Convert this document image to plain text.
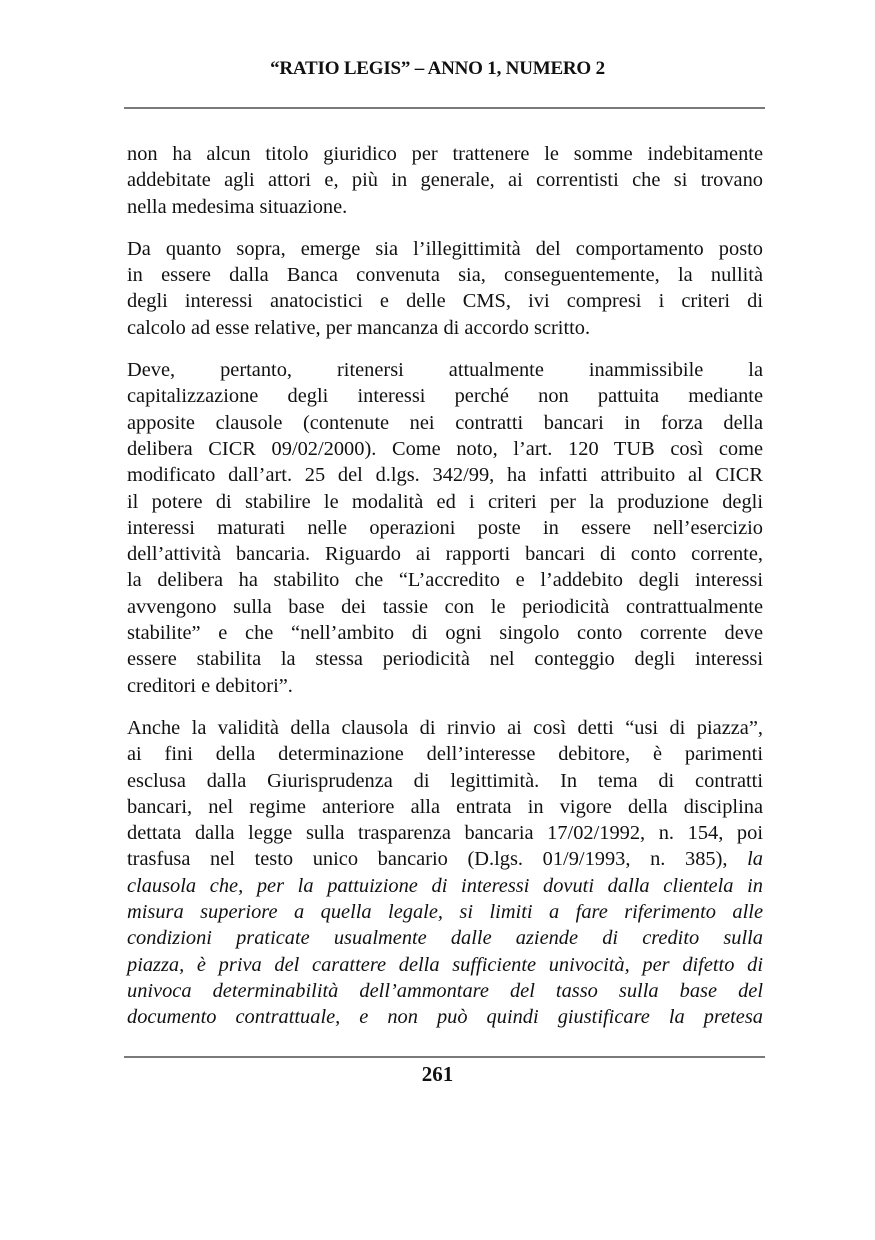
“RATIO LEGIS” – ANNO 1, NUMERO 2

non ha alcun titolo giuridico per trattenere le somme indebitamente
addebitate agli attori e, più in generale, ai correntisti che si trovano
nella medesima situazione.

Da quanto sopra, emerge sia l’illegittimità del comportamento posto
in essere dalla Banca convenuta sia, conseguentemente, la nullità
degli interessi anatocistici e delle CMS, ivi compresi i criteri di
calcolo ad esse relative, per mancanza di accordo scritto.

Deve, pertanto, ritenersi attualmente inammissibile la
capitalizzazione degli interessi perché non pattuita mediante
apposite clausole (contenute nei contratti bancari in forza della
delibera CICR 09/02/2000). Come noto, l’art. 120 TUB così come
modificato dall’art. 25 del d.lgs. 342/99, ha infatti attribuito al CICR
il potere di stabilire le modalità ed i criteri per la produzione degli
interessi maturati nelle operazioni poste in essere nell’esercizio
dell’attività bancaria. Riguardo ai rapporti bancari di conto corrente,
la delibera ha stabilito che “L’accredito e l’addebito degli interessi
avvengono sulla base dei tassie con le periodicità contrattualmente
stabilite” e che “nell’ambito di ogni singolo conto corrente deve
essere stabilita la stessa periodicità nel conteggio degli interessi
creditori e debitori”.

Anche la validità della clausola di rinvio ai così detti “usi di piazza”,
ai fini della determinazione dell’interesse debitore, è parimenti
esclusa dalla Giurisprudenza di legittimità. In tema di contratti
bancari, nel regime anteriore alla entrata in vigore della disciplina
dettata dalla legge sulla trasparenza bancaria 17/02/1992, n. 154, poi
trasfusa nel testo unico bancario (D.lgs. 01/9/1993, n. 385), la
clausola che, per la pattuizione di interessi dovuti dalla clientela in
misura superiore a quella legale, si limiti a fare riferimento alle
condizioni praticate usualmente dalle aziende di credito sulla
piazza, è priva del carattere della sufficiente univocità, per difetto di
univoca determinabilità dell’ammontare del tasso sulla base del
documento contrattuale, e non può quindi giustificare la pretesa

261
